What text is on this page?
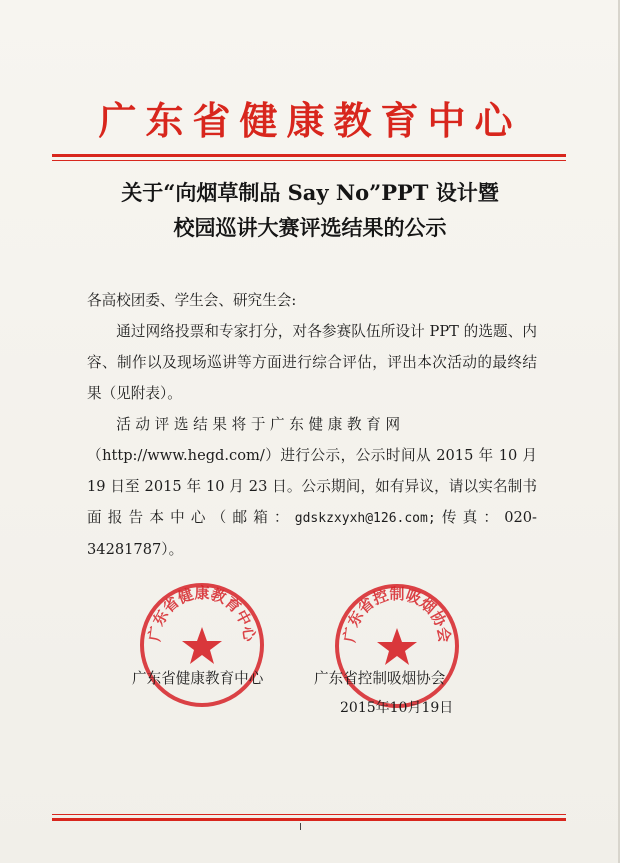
广东省健康教育中心
关于“向烟草制品 Say No”PPT 设计暨
校园巡讲大赛评选结果的公示
各高校团委、学生会、研究生会:
通过网络投票和专家打分，对各参赛队伍所设计 PPT 的选题、内容、制作以及现场巡讲等方面进行综合评估，评出本次活动的最终结果（见附表）。
活 动 评 选 结 果 将 于 广 东 健 康 教 育 网
（http://www.hegd.com/）进行公示，公示时间从 2015 年 10 月 19 日至 2015 年 10 月 23 日。公示期间，如有异议，请以实名制书面报告本中心（邮箱：gdskzxyxh@126.com;传真：020-34281787）。
广东省健康教育中心	广东省控制吸烟协会
广东省健康教育中心	广东省控制吸烟协会
2015年10月19日
